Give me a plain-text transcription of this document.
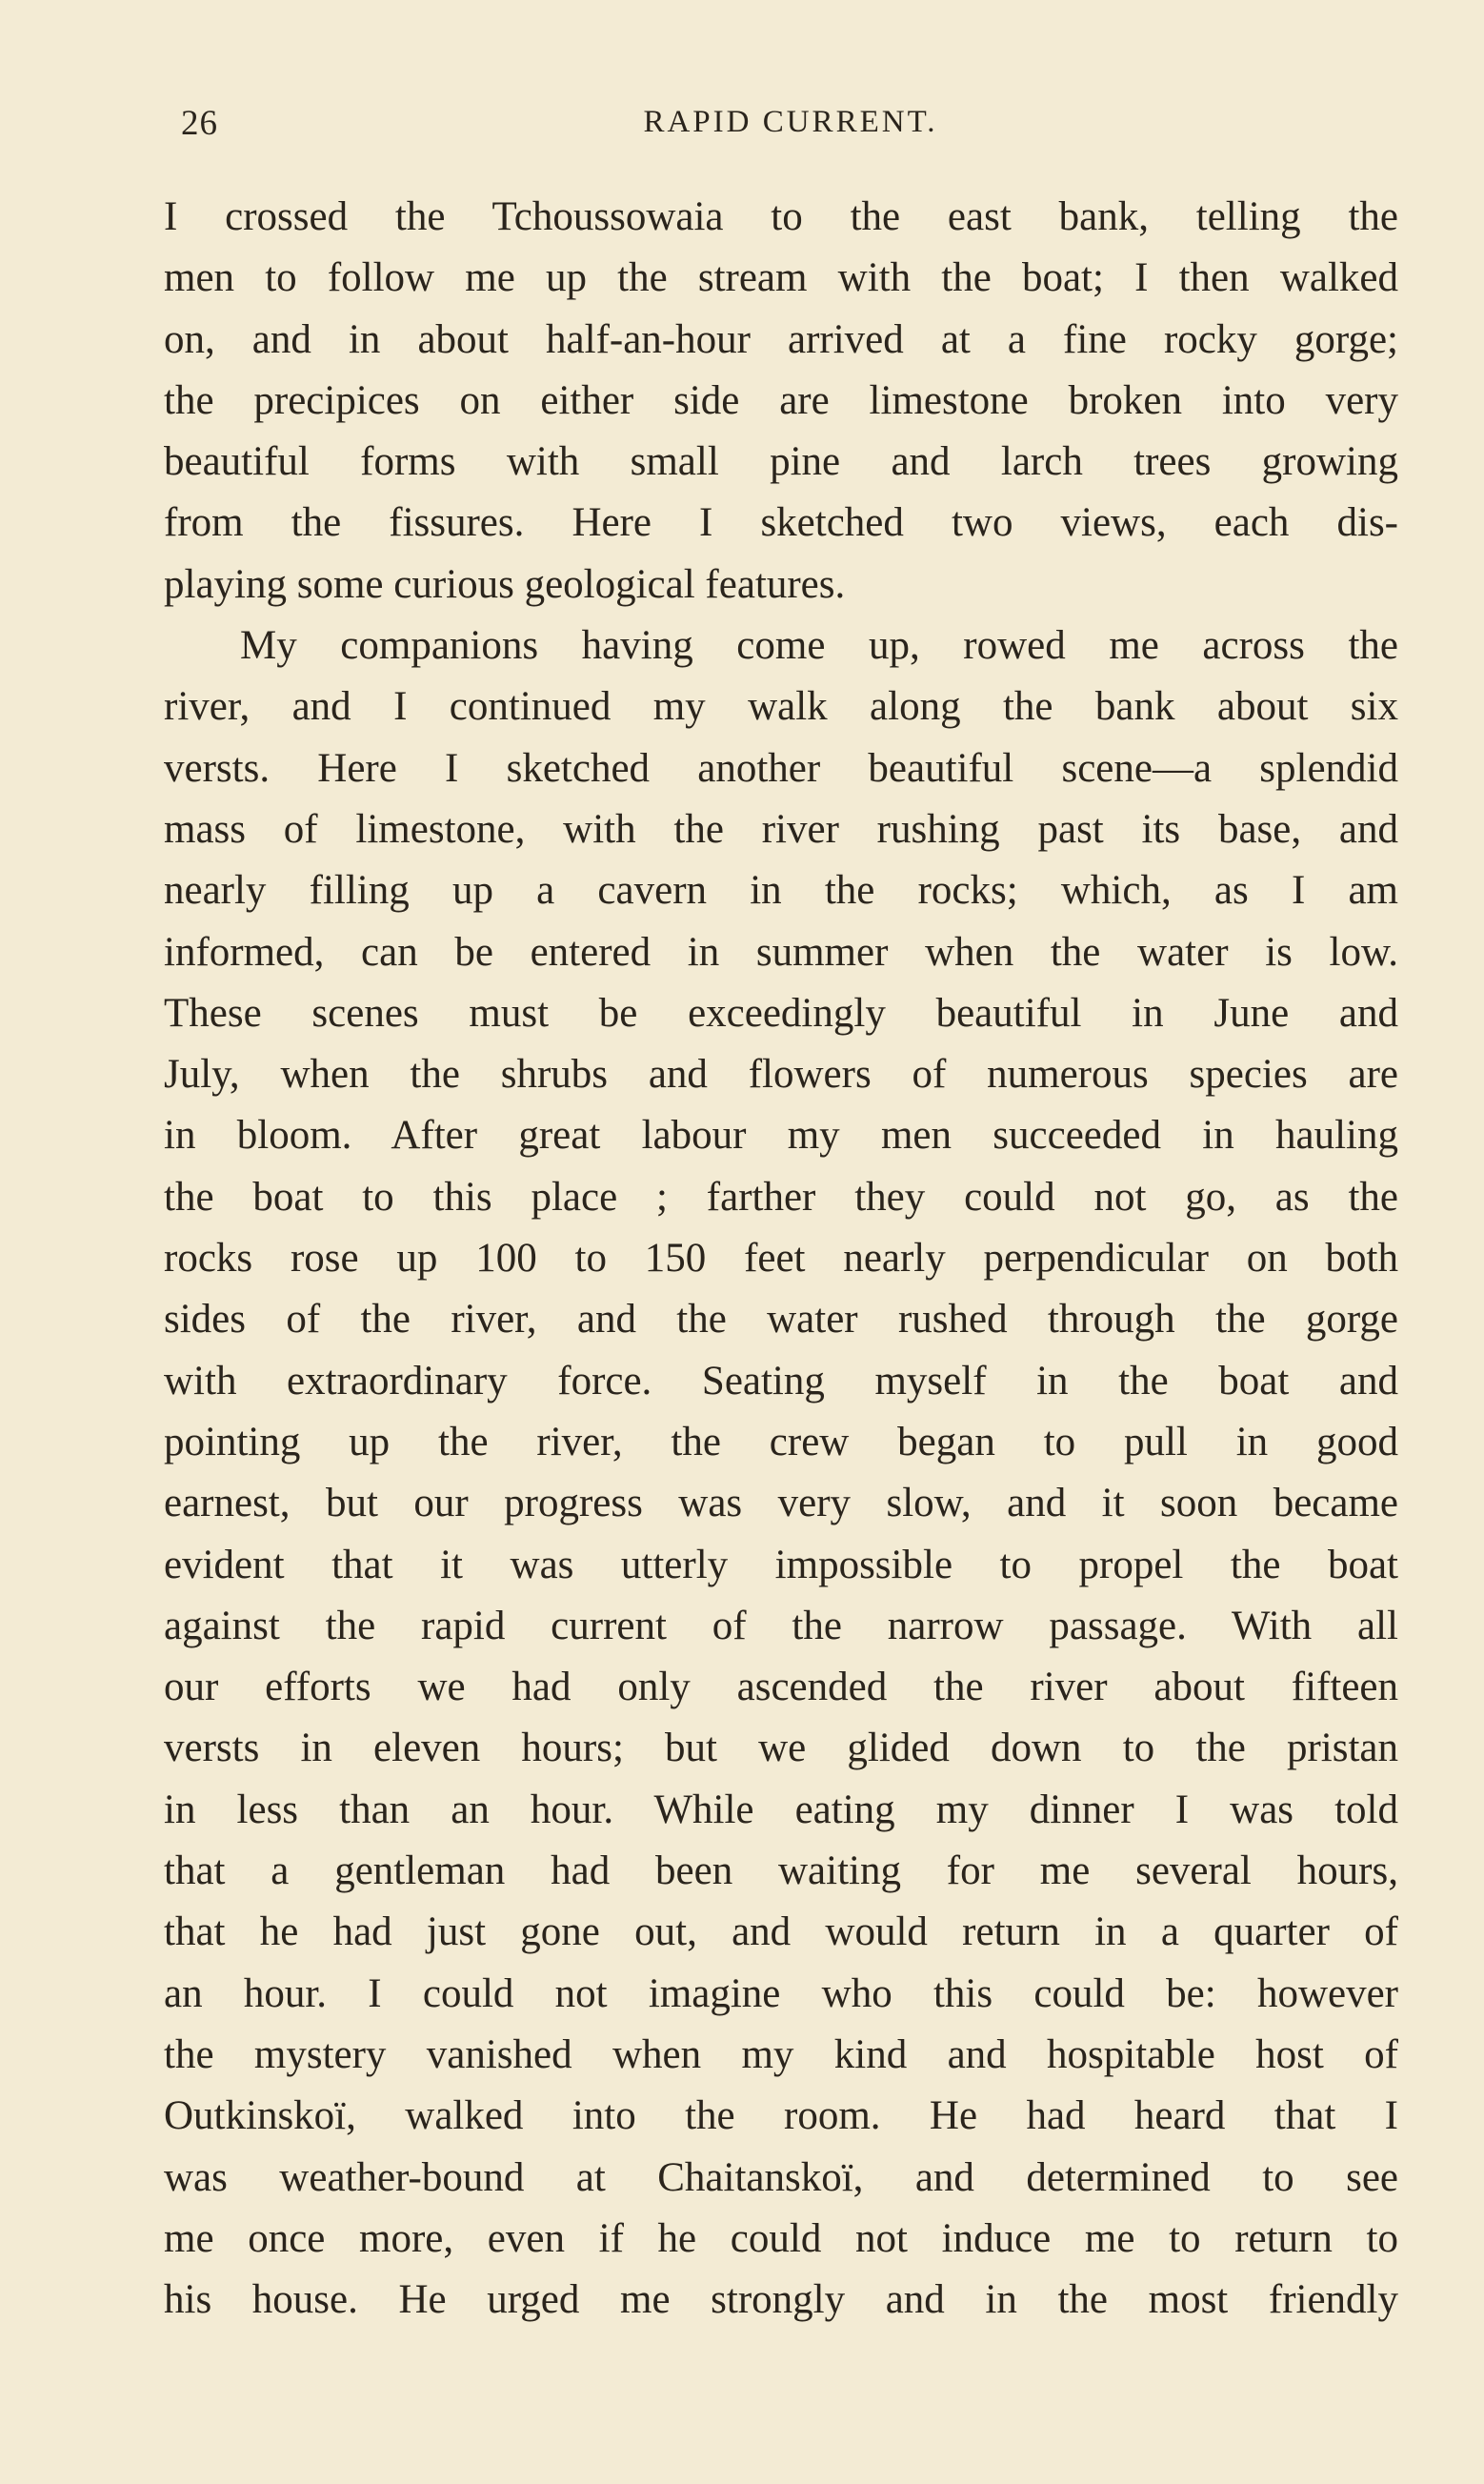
26	RAPID CURRENT.

I crossed the Tchoussowaia to the east bank, telling the

men to follow me up the stream with the boat; I then walked

on, and in about half-an-hour arrived at a fine rocky gorge;

the precipices on either side are limestone broken into very

beautiful forms with small pine and larch trees growing

from the fissures. Here I sketched two views, each dis-

playing some curious geological features.

My companions having come up, rowed me across the

river, and I continued my walk along the bank about six

versts. Here I sketched another beautiful scene—a splendid

mass of limestone, with the river rushing past its base, and

nearly filling up a cavern in the rocks; which, as I am

informed, can be entered in summer when the water is low.

These scenes must be exceedingly beautiful in June and

July, when the shrubs and flowers of numerous species are

in bloom. After great labour my men succeeded in hauling

the boat to this place ; farther they could not go, as the

rocks rose up 100 to 150 feet nearly perpendicular on both

sides of the river, and the water rushed through the gorge

with extraordinary force. Seating myself in the boat and

pointing up the river, the crew began to pull in good

earnest, but our progress was very slow, and it soon became

evident that it was utterly impossible to propel the boat

against the rapid current of the narrow passage. With all

our efforts we had only ascended the river about fifteen

versts in eleven hours; but we glided down to the pristan

in less than an hour. While eating my dinner I was told

that a gentleman had been waiting for me several hours,

that he had just gone out, and would return in a quarter of

an hour. I could not imagine who this could be: however

the mystery vanished when my kind and hospitable host of

Outkinskoï, walked into the room. He had heard that I

was weather-bound at Chaitanskoï, and determined to see

me once more, even if he could not induce me to return to

his house. He urged me strongly and in the most friendly
